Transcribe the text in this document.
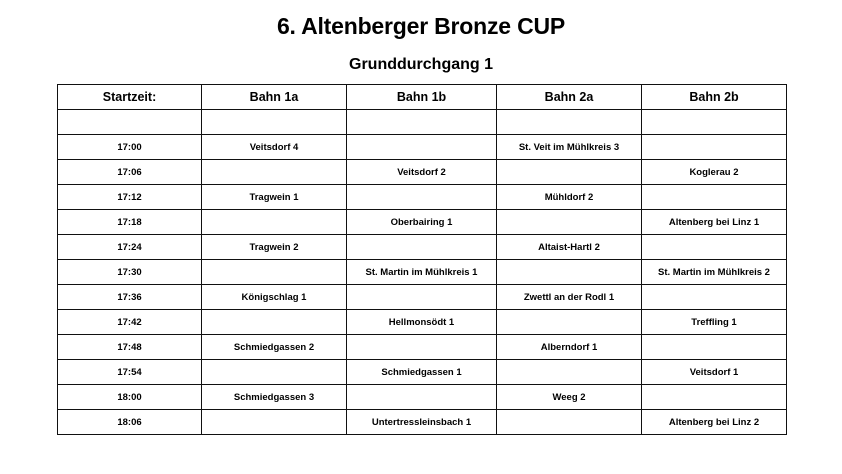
6. Altenberger Bronze CUP
Grunddurchgang 1
Startzeit:	Bahn 1a	Bahn 1b	Bahn 2a	Bahn 2b

17:00	Veitsdorf 4		St. Veit im Mühlkreis 3	
17:06		Veitsdorf 2		Koglerau 2
17:12	Tragwein 1		Mühldorf 2	
17:18		Oberbairing 1		Altenberg bei Linz 1
17:24	Tragwein 2		Altaist-Hartl 2	
17:30		St. Martin im Mühlkreis 1		St. Martin im Mühlkreis 2
17:36	Königschlag 1		Zwettl an der Rodl 1	
17:42		Hellmonsödt 1		Treffling 1
17:48	Schmiedgassen 2		Alberndorf 1	
17:54		Schmiedgassen 1		Veitsdorf 1
18:00	Schmiedgassen 3		Weeg 2	
18:06		Untertressleinsbach 1		Altenberg bei Linz 2
